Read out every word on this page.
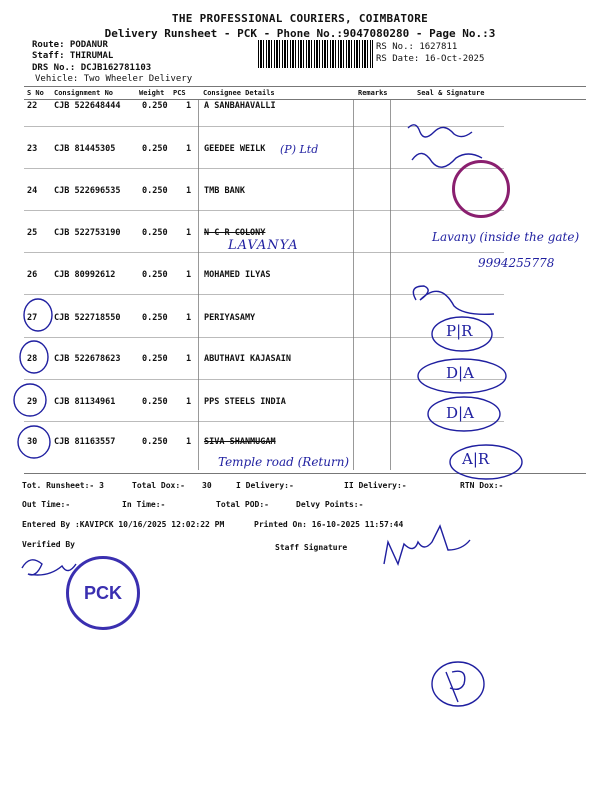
THE PROFESSIONAL COURIERS, COIMBATORE
Delivery Runsheet - PCK - Phone No.:9047080280 - Page No.:3
Route: PODANUR
Staff: THIRUMAL
DRS No.: DCJB162781103
Vehicle: Two Wheeler Delivery
RS No.: 1627811
RS Date: 16-Oct-2025
S No Consignment No	Weight PCS Consignee Details	Remarks	Seal & Signature
22 CJB 522648444	0.250 1 A SANBAHAVALLI
23 CJB 81445305	0.250 1 GEEDEE WEILK
24 CJB 522696535	0.250 1 TMB BANK
25 CJB 522753190	0.250 1 N C R COLONY
26 CJB 80992612	0.250 1 MOHAMED ILYAS
27 CJB 522718550	0.250 1 PERIYASAMY
28 CJB 522678623	0.250 1 ABUTHAVI KAJASAIN
29 CJB 81134961	0.250 1 PPS STEELS INDIA
30 CJB 81163557	0.250 1 SIVA SHANMUGAM
Tot. Runsheet:- 3	Total Dox:- 30	I Delivery:-	II Delivery:-	RTN Dox:-
Out Time:-	In Time:-	Total POD:-	Delvy Points:-
Entered By :KAVIPCK 10/16/2025 12:02:22 PM	Printed On: 16-10-2025 11:57:44
Verified By	Staff Signature
(P) Ltd
LAVANYA
Lavany (inside the gate)
9994255778
Temple road (Return)
P|R
D|A
D|A
A|R
PCK
